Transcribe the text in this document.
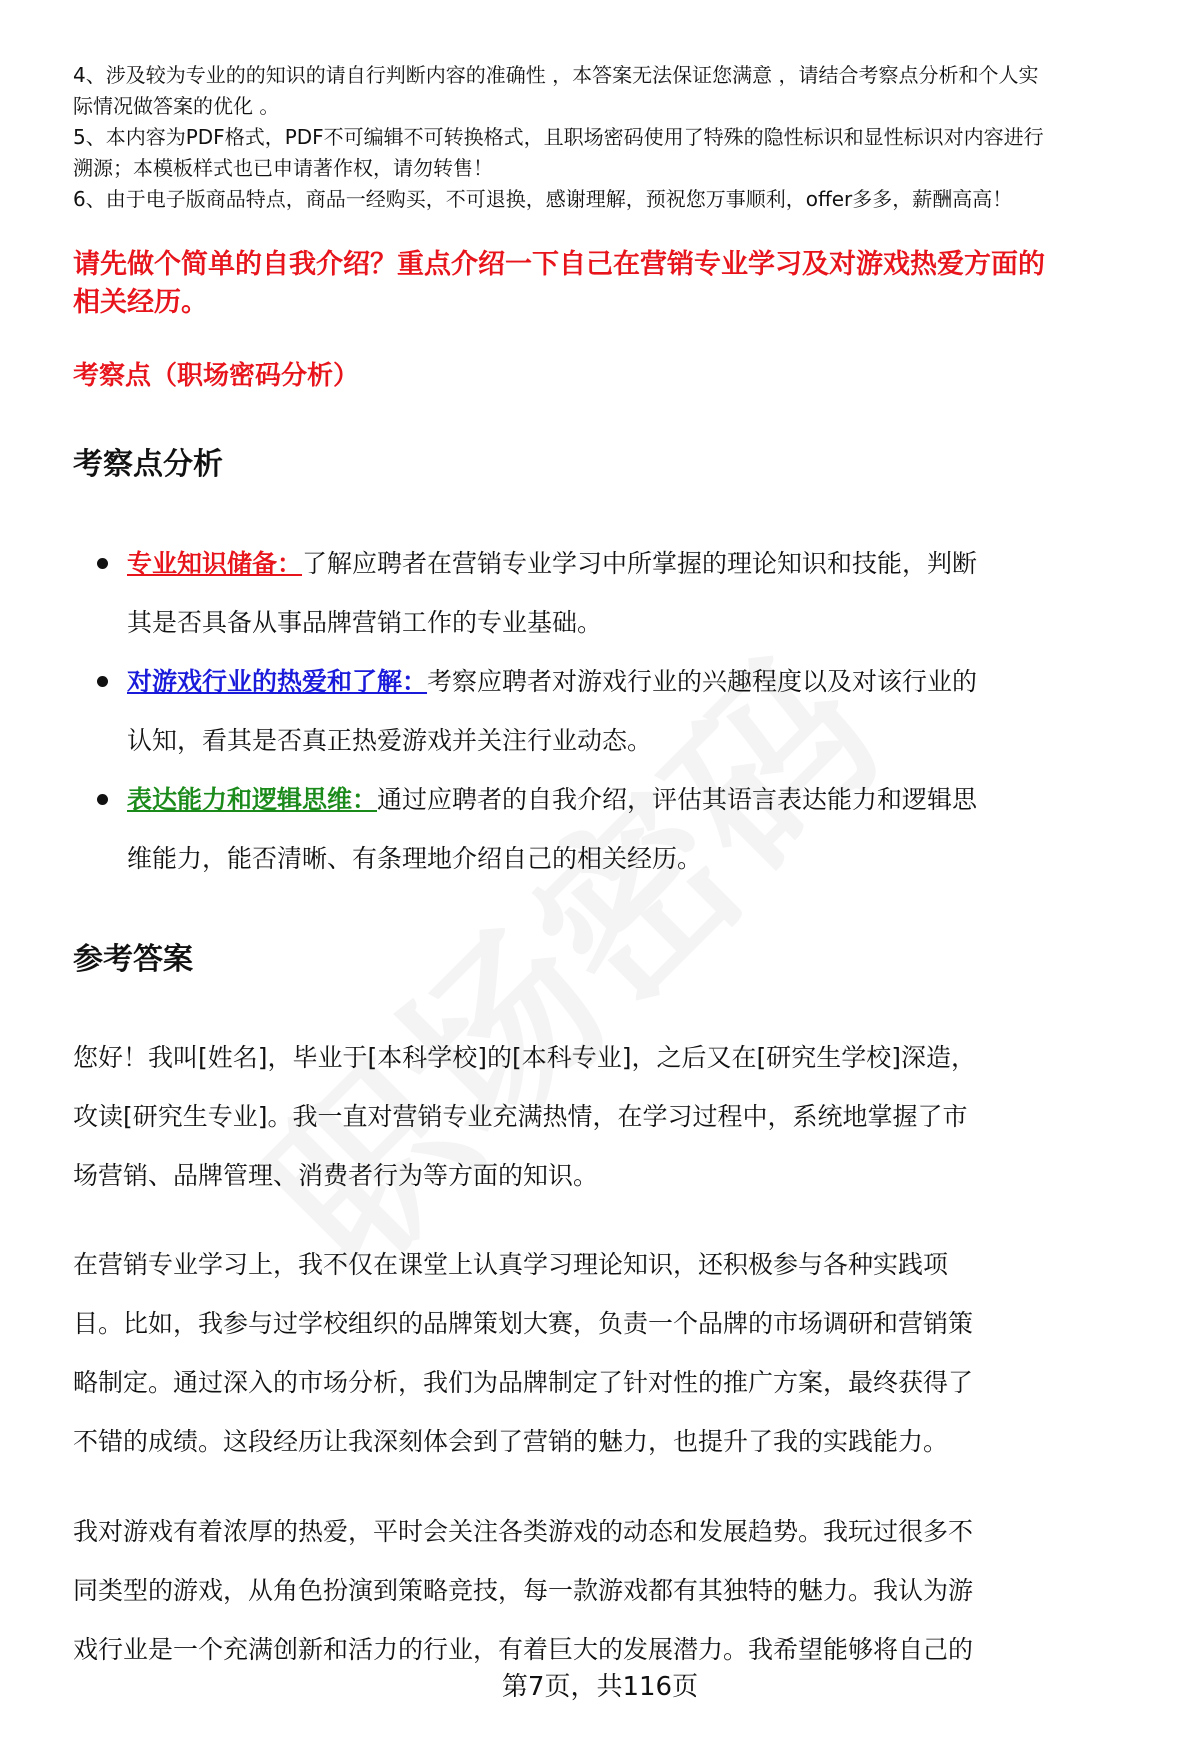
4、涉及较为专业的的知识的请自行判断内容的准确性 ，本答案无法保证您满意 ，请结合考察点分析和个人实
际情况做答案的优化 。
5、本内容为PDF格式，PDF不可编辑不可转换格式，且职场密码使用了特殊的隐性标识和显性标识对内容进行
溯源；本模板样式也已申请著作权，请勿转售！
6、由于电子版商品特点，商品一经购买，不可退换，感谢理解，预祝您万事顺利，offer多多，薪酬高高！
请先做个简单的自我介绍？重点介绍一下自己在营销专业学习及对游戏热爱方面的
相关经历。
考察点（职场密码分析）
考察点分析
专业知识储备：了解应聘者在营销专业学习中所掌握的理论知识和技能，判断
其是否具备从事品牌营销工作的专业基础。
对游戏行业的热爱和了解：考察应聘者对游戏行业的兴趣程度以及对该行业的
认知，看其是否真正热爱游戏并关注行业动态。
表达能力和逻辑思维：通过应聘者的自我介绍，评估其语言表达能力和逻辑思
维能力，能否清晰、有条理地介绍自己的相关经历。
参考答案
您好！我叫[姓名]，毕业于[本科学校]的[本科专业]，之后又在[研究生学校]深造，
攻读[研究生专业]。我一直对营销专业充满热情，在学习过程中，系统地掌握了市
场营销、品牌管理、消费者行为等方面的知识。
在营销专业学习上，我不仅在课堂上认真学习理论知识，还积极参与各种实践项
目。比如，我参与过学校组织的品牌策划大赛，负责一个品牌的市场调研和营销策
略制定。通过深入的市场分析，我们为品牌制定了针对性的推广方案，最终获得了
不错的成绩。这段经历让我深刻体会到了营销的魅力，也提升了我的实践能力。
我对游戏有着浓厚的热爱，平时会关注各类游戏的动态和发展趋势。我玩过很多不
同类型的游戏，从角色扮演到策略竞技，每一款游戏都有其独特的魅力。我认为游
戏行业是一个充满创新和活力的行业，有着巨大的发展潜力。我希望能够将自己的
第7页，共116页
